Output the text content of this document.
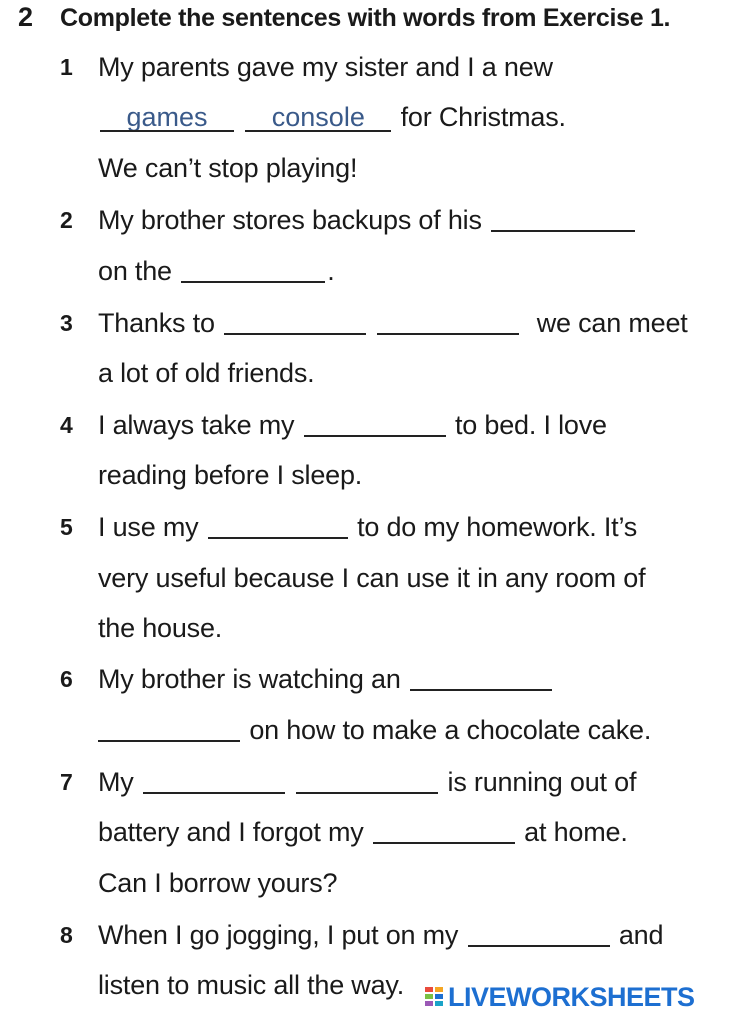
2 Complete the sentences with words from Exercise 1.
1 My parents gave my sister and I a new
games console for Christmas.
We can’t stop playing!
2 My brother stores backups of his
on the	.
3 Thanks to	we can meet
a lot of old friends.
4 I always take my	to bed. I love
reading before I sleep.
5 I use my	to do my homework. It’s
very useful because I can use it in any room of
the house.
6 My brother is watching an
on how to make a chocolate cake.
7 My	is running out of
battery and I forgot my	at home.
Can I borrow yours?
8 When I go jogging, I put on my	and
listen to music all the way. LIVEWORKSHEETS
